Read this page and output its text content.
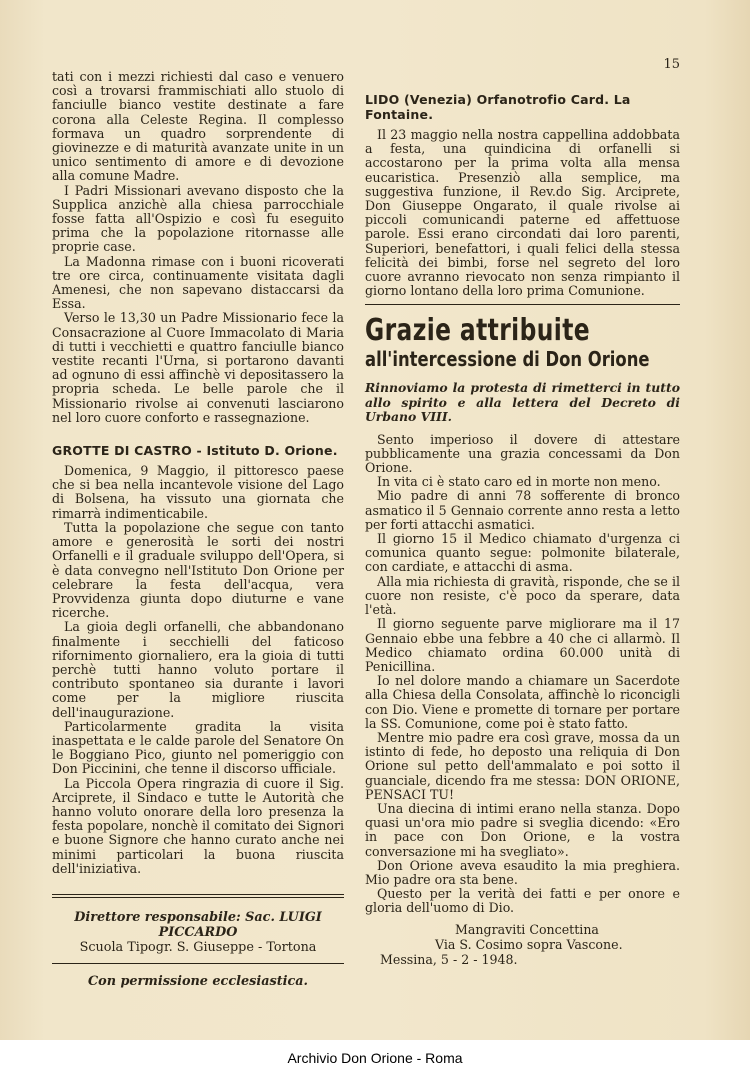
15

tati con i mezzi richiesti dal caso e venuero così a trovarsi frammischiati allo stuolo di fanciulle bianco vestite destinate a fare corona alla Celeste Regina. Il complesso formava un quadro sorprendente di giovinezze e di maturità avanzate unite in un unico sentimento di amore e di devozione alla comune Madre.

I Padri Missionari avevano disposto che la Supplica anzichè alla chiesa parrocchiale fosse fatta all'Ospizio e così fu eseguito prima che la popolazione ritornasse alle proprie case.

La Madonna rimase con i buoni ricoverati tre ore circa, continuamente visitata dagli Amenesi, che non sapevano distaccarsi da Essa.

Verso le 13,30 un Padre Missionario fece la Consacrazione al Cuore Immacolato di Maria di tutti i vecchietti e quattro fanciulle bianco vestite recanti l'Urna, si portarono davanti ad ognuno di essi affinchè vi depositassero la propria scheda. Le belle parole che il Missionario rivolse ai convenuti lasciarono nel loro cuore conforto e rassegnazione.

GROTTE DI CASTRO - Istituto D. Orione.

Domenica, 9 Maggio, il pittoresco paese che si bea nella incantevole visione del Lago di Bolsena, ha vissuto una giornata che rimarrà indimenticabile.

Tutta la popolazione che segue con tanto amore e generosità le sorti dei nostri Orfanelli e il graduale sviluppo dell'Opera, si è data convegno nell'Istituto Don Orione per celebrare la festa dell'acqua, vera Provvidenza giunta dopo diuturne e vane ricerche.

La gioia degli orfanelli, che abbandonano finalmente i secchielli del faticoso rifornimento giornaliero, era la gioia di tutti perchè tutti hanno voluto portare il contributo spontaneo sia durante i lavori come per la migliore riuscita dell'inaugurazione.

Particolarmente gradita la visita inaspettata e le calde parole del Senatore On le Boggiano Pico, giunto nel pomeriggio con Don Piccinini, che tenne il discorso ufficiale.

La Piccola Opera ringrazia di cuore il Sig. Arciprete, il Sindaco e tutte le Autorità che hanno voluto onorare della loro presenza la festa popolare, nonchè il comitato dei Signori e buone Signore che hanno curato anche nei minimi particolari la buona riuscita dell'iniziativa.

Direttore responsabile: Sac. LUIGI PICCARDO

Scuola Tipogr. S. Giuseppe - Tortona

Con permissione ecclesiastica.

LIDO (Venezia) Orfanotrofio Card. La Fontaine.

Il 23 maggio nella nostra cappellina addobbata a festa, una quindicina di orfanelli si accostarono per la prima volta alla mensa eucaristica. Presenziò alla semplice, ma suggestiva funzione, il Rev.do Sig. Arciprete, Don Giuseppe Ongarato, il quale rivolse ai piccoli comunicandi paterne ed affettuose parole. Essi erano circondati dai loro parenti, Superiori, benefattori, i quali felici della stessa felicità dei bimbi, forse nel segreto del loro cuore avranno rievocato non senza rimpianto il giorno lontano della loro prima Comunione.

Grazie attribuite
all'intercessione di Don Orione

Rinnoviamo la protesta di rimetterci in tutto allo spirito e alla lettera del Decreto di Urbano VIII.

Sento imperioso il dovere di attestare pubblicamente una grazia concessami da Don Orione.

In vita ci è stato caro ed in morte non meno.

Mio padre di anni 78 sofferente di bronco asmatico il 5 Gennaio corrente anno resta a letto per forti attacchi asmatici.

Il giorno 15 il Medico chiamato d'urgenza ci comunica quanto segue: polmonite bilaterale, con cardiate, e attacchi di asma.

Alla mia richiesta di gravità, risponde, che se il cuore non resiste, c'è poco da sperare, data l'età.

Il giorno seguente parve migliorare ma il 17 Gennaio ebbe una febbre a 40 che ci allarmò. Il Medico chiamato ordina 60.000 unità di Penicillina.

Io nel dolore mando a chiamare un Sacerdote alla Chiesa della Consolata, affinchè lo riconcigli con Dio. Viene e promette di tornare per portare la SS. Comunione, come poi è stato fatto.

Mentre mio padre era così grave, mossa da un istinto di fede, ho deposto una reliquia di Don Orione sul petto dell'ammalato e poi sotto il guanciale, dicendo fra me stessa: DON ORIONE, PENSACI TU!

Una diecina di intimi erano nella stanza. Dopo quasi un'ora mio padre si sveglia dicendo: «Ero in pace con Don Orione, e la vostra conversazione mi ha svegliato».

Don Orione aveva esaudito la mia preghiera. Mio padre ora sta bene.

Questo per la verità dei fatti e per onore e gloria dell'uomo di Dio.

Mangraviti Concettina

Via S. Cosimo sopra Vascone.

Messina, 5 - 2 - 1948.

Archivio Don Orione - Roma
